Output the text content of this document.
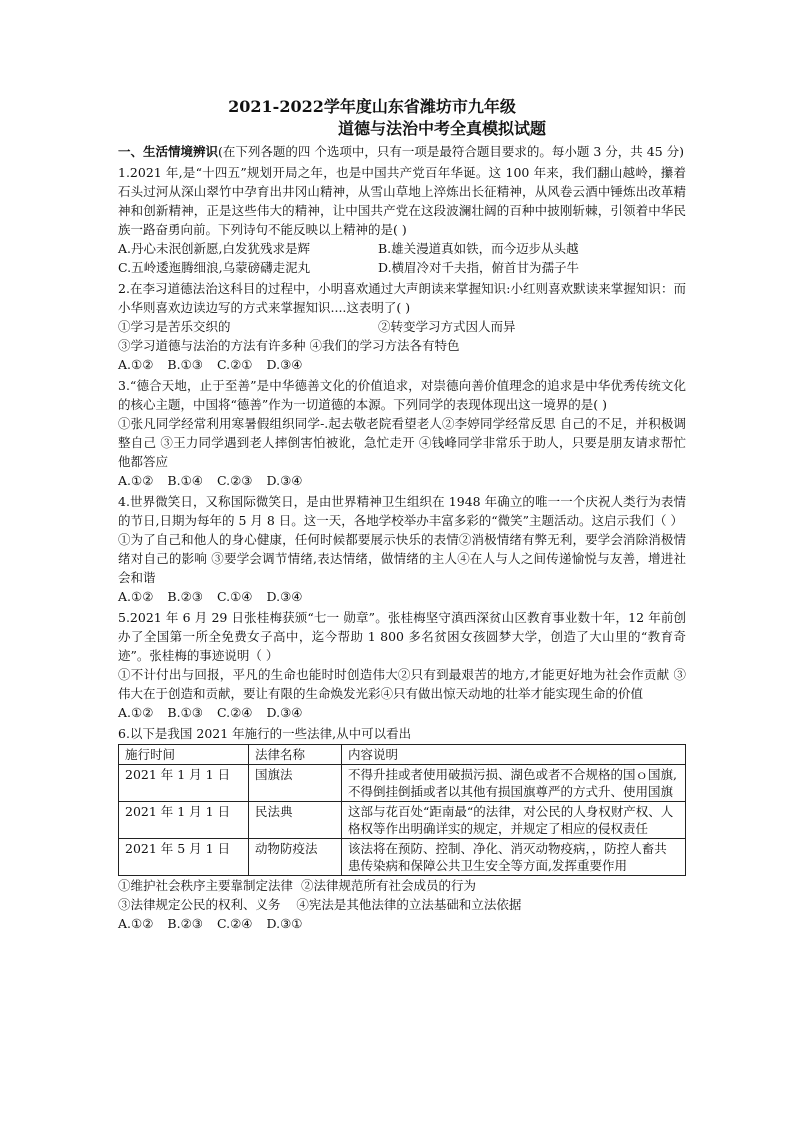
2021-2022学年度山东省潍坊市九年级
道德与法治中考全真模拟试题

一、生活情境辨识(在下列各题的四 个选项中，只有一项是最符合题目要求的。每小题 3 分，共 45 分)

1.2021 年,是“十四五”规划开局之年，也是中国共产党百年华诞。这 100 年来，我们翻山越岭，攥着石头过河从深山翠竹中孕育出井冈山精神，从雪山草地上淬炼出长征精神，从风卷云酒中锤炼出改革精神和创新精神，正是这些伟大的精神，让中国共产党在这段波澜壮阔的百种中披刚斩棘，引领着中华民族一路奋勇向前。下列诗句不能反映以上精神的是( )

A.丹心未泯创新愿,白发犹残求是辉	B.雄关漫道真如铁，而今迈步从头越
C.五岭逶迤腾细浪,乌蒙磅礴走泥丸	D.横眉冷对千夫指，俯首甘为孺子牛

2.在李习道德法治这科目的过程中，小明喜欢通过大声朗读来掌握知识:小红则喜欢默读来掌握知识：而小华则喜欢边读边写的方式来掌握知识....这表明了( )

①学习是苦乐交织的	②转变学习方式因人而异
③学习道德与法治的方法有许多种 ④我们的学习方法各有特色
A.①② B.①③ C.②① D.③④

3.“德合天地，止于至善”是中华德善文化的价值追求，对崇德向善价值理念的追求是中华优秀传统文化的核心主题，中国将“德善”作为一切道德的本源。下列同学的表现体现出这一境界的是( )

①张凡同学经常利用寒暑假组织同学-.起去敬老院看望老人②李婷同学经常反思 自己的不足，并积极调整自己 ③王力同学遇到老人摔倒害怕被讹，急忙走开 ④钱峰同学非常乐于助人，只要是朋友请求帮忙他都答应

A.①② B.①④ C.②③ D.③④

4.世界微笑日，又称国际微笑日，是由世界精神卫生组织在 1948 年确立的唯一一个庆祝人类行为表情的节日,日期为每年的 5 月 8 日。这一天，各地学校举办丰富多彩的“微笑”主题活动。这启示我们（ ）

①为了自己和他人的身心健康，任何时候都要展示快乐的表情②消极情绪有弊无利，要学会消除消极情绪对自己的影响 ③要学会调节情绪,表达情绪，做情绪的主人④在人与人之间传递愉悦与友善，增进社会和谐

A.①② B.②③ C.①④ D.③④

5.2021 年 6 月 29 日张桂梅获颁“七一 勋章”。张桂梅坚守滇西深贫山区教育事业数十年，12 年前创办了全国第一所全免费女子高中，迄今帮助 1 800 多名贫困女孩圆梦大学，创造了大山里的“教育奇迹”。张桂梅的事迹说明（ ）

①不计付出与回报，平凡的生命也能时时创造伟大②只有到最艰苦的地方,才能更好地为社会作贡献 ③伟大在于创造和贡献，要让有限的生命焕发光彩④只有做出惊天动地的壮举才能实现生命的价值

A.①② B.①③ C.②④ D.③④

6.以下是我国 2021 年施行的一些法律,从中可以看出

施行时间	法律名称	内容说明
2021 年 1 月 1 日	国旗法	不得升挂或者使用破损污损、湖色或者不合规格的国ｏ国旗,不得倒挂倒插或者以其他有损国旗尊严的方式升、使用国旗
2021 年 1 月 1 日	民法典	这部与花百处“距南最“的法律，对公民的人身权财产权、人格权等作出明确详实的规定，并规定了相应的侵权责任
2021 年 5 月 1 日	动物防疫法	该法将在预防、控制、净化、消灭动物疫病，，防控人畜共患传染病和保障公共卫生安全等方面,发挥重要作用
①维护社会秩序主要靠制定法律 ②法律规范所有社会成员的行为
③法律规定公民的权利、义务 ④宪法是其他法律的立法基础和立法依据
A.①② B.②③ C.②④ D.③①
